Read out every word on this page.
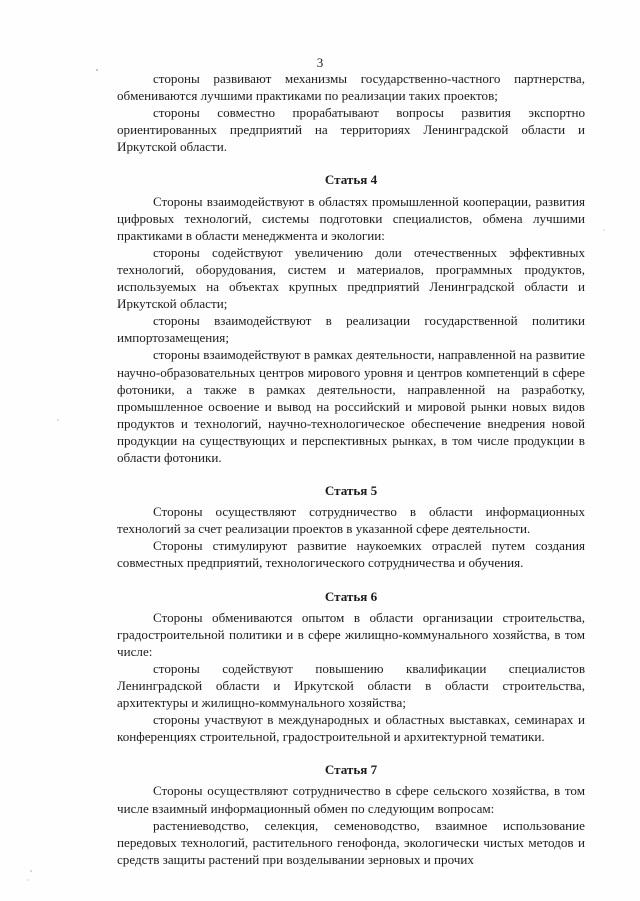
3

стороны развивают механизмы государственно-частного партнерства, обмениваются лучшими практиками по реализации таких проектов;

стороны совместно прорабатывают вопросы развития экспортно ориентированных предприятий на территориях Ленинградской области и Иркутской области.

Статья 4

Стороны взаимодействуют в областях промышленной кооперации, развития цифровых технологий, системы подготовки специалистов, обмена лучшими практиками в области менеджмента и экологии:

стороны содействуют увеличению доли отечественных эффективных технологий, оборудования, систем и материалов, программных продуктов, используемых на объектах крупных предприятий Ленинградской области и Иркутской области;

стороны взаимодействуют в реализации государственной политики импортозамещения;

стороны взаимодействуют в рамках деятельности, направленной на развитие научно-образовательных центров мирового уровня и центров компетенций в сфере фотоники, а также в рамках деятельности, направленной на разработку, промышленное освоение и вывод на российский и мировой рынки новых видов продуктов и технологий, научно-технологическое обеспечение внедрения новой продукции на существующих и перспективных рынках, в том числе продукции в области фотоники.

Статья 5

Стороны осуществляют сотрудничество в области информационных технологий за счет реализации проектов в указанной сфере деятельности.

Стороны стимулируют развитие наукоемких отраслей путем создания совместных предприятий, технологического сотрудничества и обучения.

Статья 6

Стороны обмениваются опытом в области организации строительства, градостроительной политики и в сфере жилищно-коммунального хозяйства, в том числе:

стороны содействуют повышению квалификации специалистов Ленинградской области и Иркутской области в области строительства, архитектуры и жилищно-коммунального хозяйства;

стороны участвуют в международных и областных выставках, семинарах и конференциях строительной, градостроительной и архитектурной тематики.

Статья 7

Стороны осуществляют сотрудничество в сфере сельского хозяйства, в том числе взаимный информационный обмен по следующим вопросам:

растениеводство, селекция, семеноводство, взаимное использование передовых технологий, растительного генофонда, экологически чистых методов и средств защиты растений при возделывании зерновых и прочих
